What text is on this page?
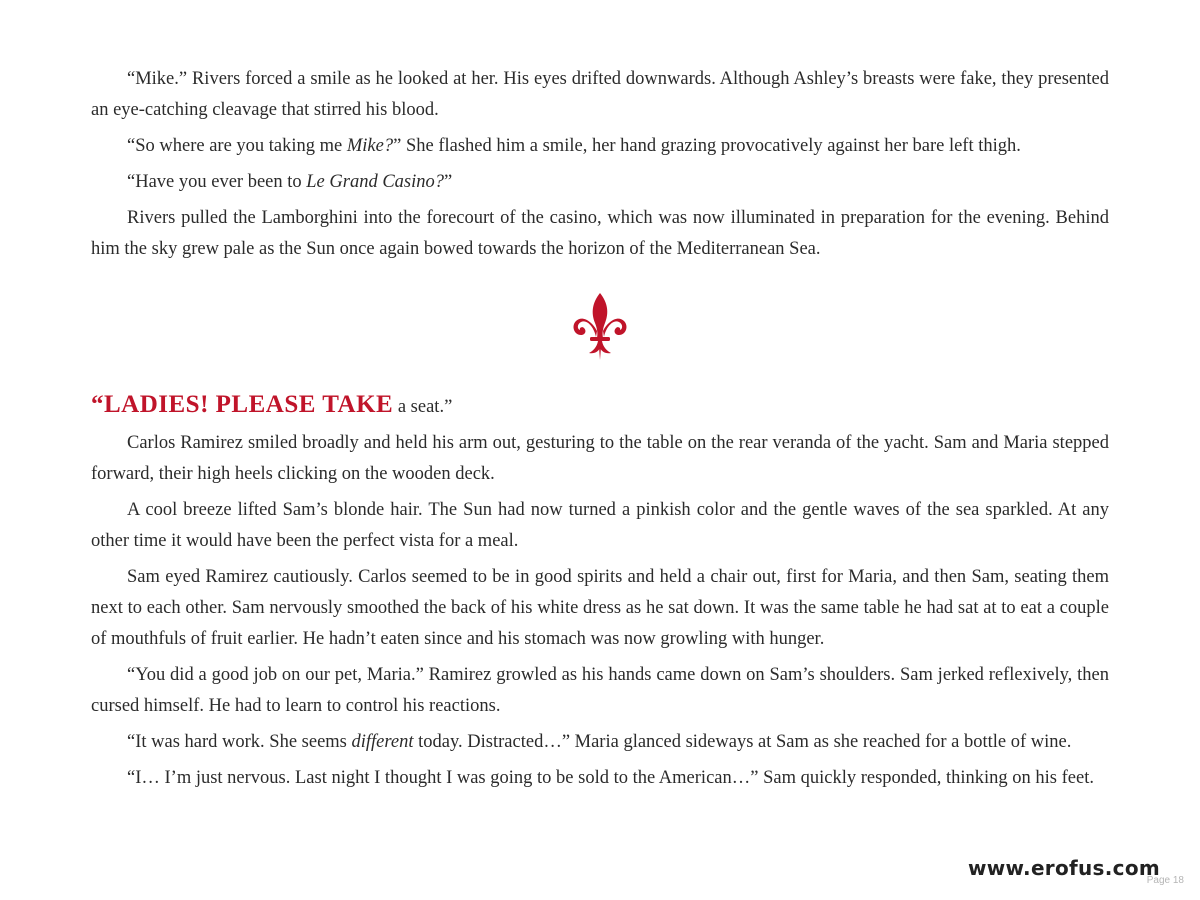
“Mike.” Rivers forced a smile as he looked at her. His eyes drifted downwards. Although Ashley’s breasts were fake, they presented an eye-catching cleavage that stirred his blood.

“So where are you taking me Mike?” She flashed him a smile, her hand grazing provocatively against her bare left thigh.

“Have you ever been to Le Grand Casino?”

Rivers pulled the Lamborghini into the forecourt of the casino, which was now illuminated in preparation for the evening. Behind him the sky grew pale as the Sun once again bowed towards the horizon of the Mediterranean Sea.

“LADIES! PLEASE TAKE a seat.”

Carlos Ramirez smiled broadly and held his arm out, gesturing to the table on the rear veranda of the yacht. Sam and Maria stepped forward, their high heels clicking on the wooden deck.

A cool breeze lifted Sam’s blonde hair. The Sun had now turned a pinkish color and the gentle waves of the sea sparkled. At any other time it would have been the perfect vista for a meal.

Sam eyed Ramirez cautiously. Carlos seemed to be in good spirits and held a chair out, first for Maria, and then Sam, seating them next to each other. Sam nervously smoothed the back of his white dress as he sat down. It was the same table he had sat at to eat a couple of mouthfuls of fruit earlier. He hadn’t eaten since and his stomach was now growling with hunger.

“You did a good job on our pet, Maria.” Ramirez growled as his hands came down on Sam’s shoulders. Sam jerked reflexively, then cursed himself. He had to learn to control his reactions.

“It was hard work. She seems different today. Distracted…” Maria glanced sideways at Sam as she reached for a bottle of wine.

“I… I’m just nervous. Last night I thought I was going to be sold to the American…” Sam quickly responded, thinking on his feet.

Page 18
www.erofus.com
